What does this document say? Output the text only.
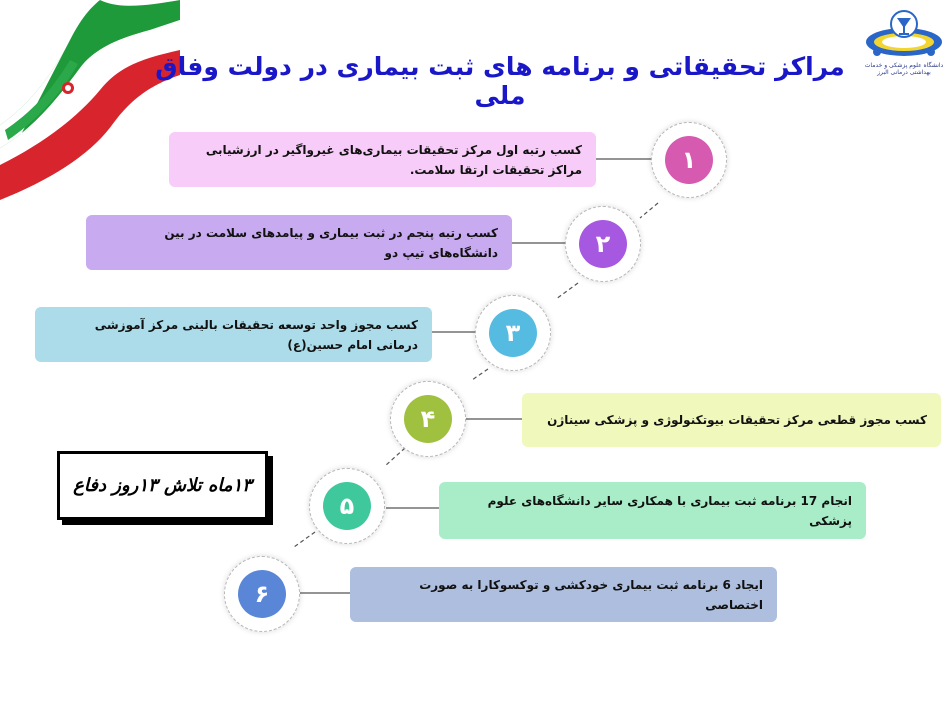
دانشگاه علوم پزشکی و خدمات بهداشتی درمانی البرز
مراکز تحقیقاتی و برنامه های ثبت بیماری در دولت وفاق ملی
کسب رتبه اول مرکز تحقیقات بیماری‌های غیرواگیر در ارزشیابی مراکز تحقیقات ارتقا سلامت.
کسب رتبه پنجم در ثبت بیماری و پیامدهای سلامت در بین دانشگاه‌های تیپ دو
کسب مجوز واحد توسعه تحقیقات بالینی مرکز آموزشی درمانی امام حسین(ع)
کسب مجوز قطعی مرکز تحقیقات بیوتکنولوژی و پزشکی سیناژن
انجام 17 برنامه ثبت بیماری با همکاری سایر دانشگاه‌های علوم پزشکی
ایجاد 6 برنامه ثبت بیماری خودکشی و توکسوکارا به صورت اختصاصی
۱
۲
۳
۴
۵
۶
۱۳ماه تلاش ۱۳روز دفاع
